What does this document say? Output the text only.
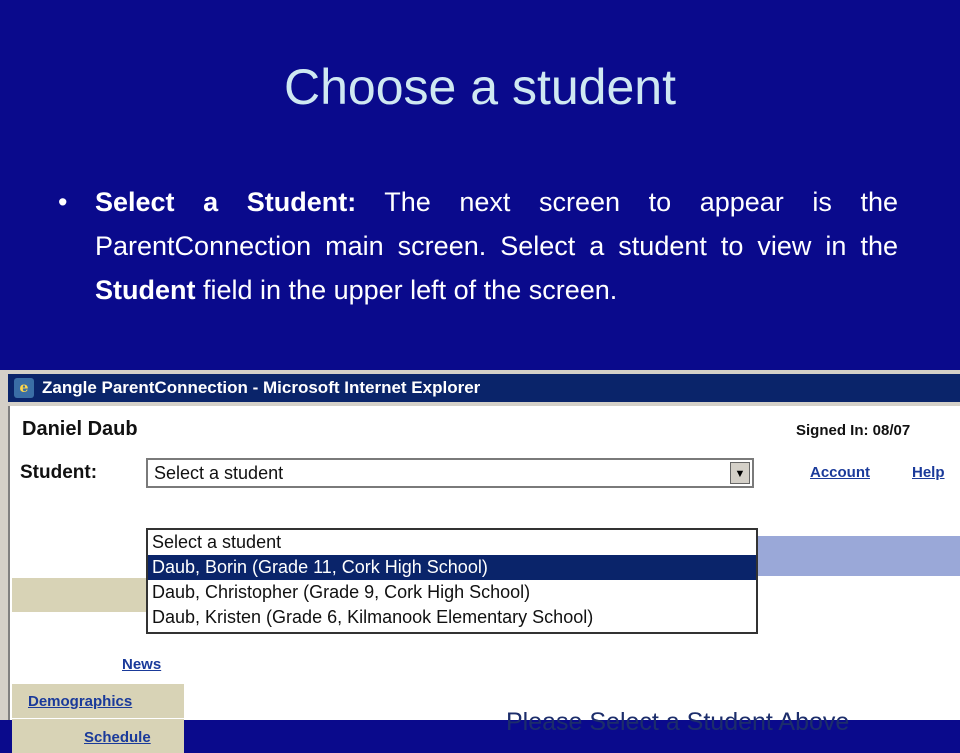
Choose a student
• Select a Student: The next screen to appear is the ParentConnection main screen. Select a student to view in the Student field in the upper left of the screen.
e Zangle ParentConnection - Microsoft Internet Explorer
Daniel Daub	Signed In: 08/07
Student:	Select a student	▼	Account	Help
News
Demographics
Schedule
Please Select a Student Above
Select a student
Daub, Borin (Grade 11, Cork High School)
Daub, Christopher (Grade 9, Cork High School)
Daub, Kristen (Grade 6, Kilmanook Elementary School)
